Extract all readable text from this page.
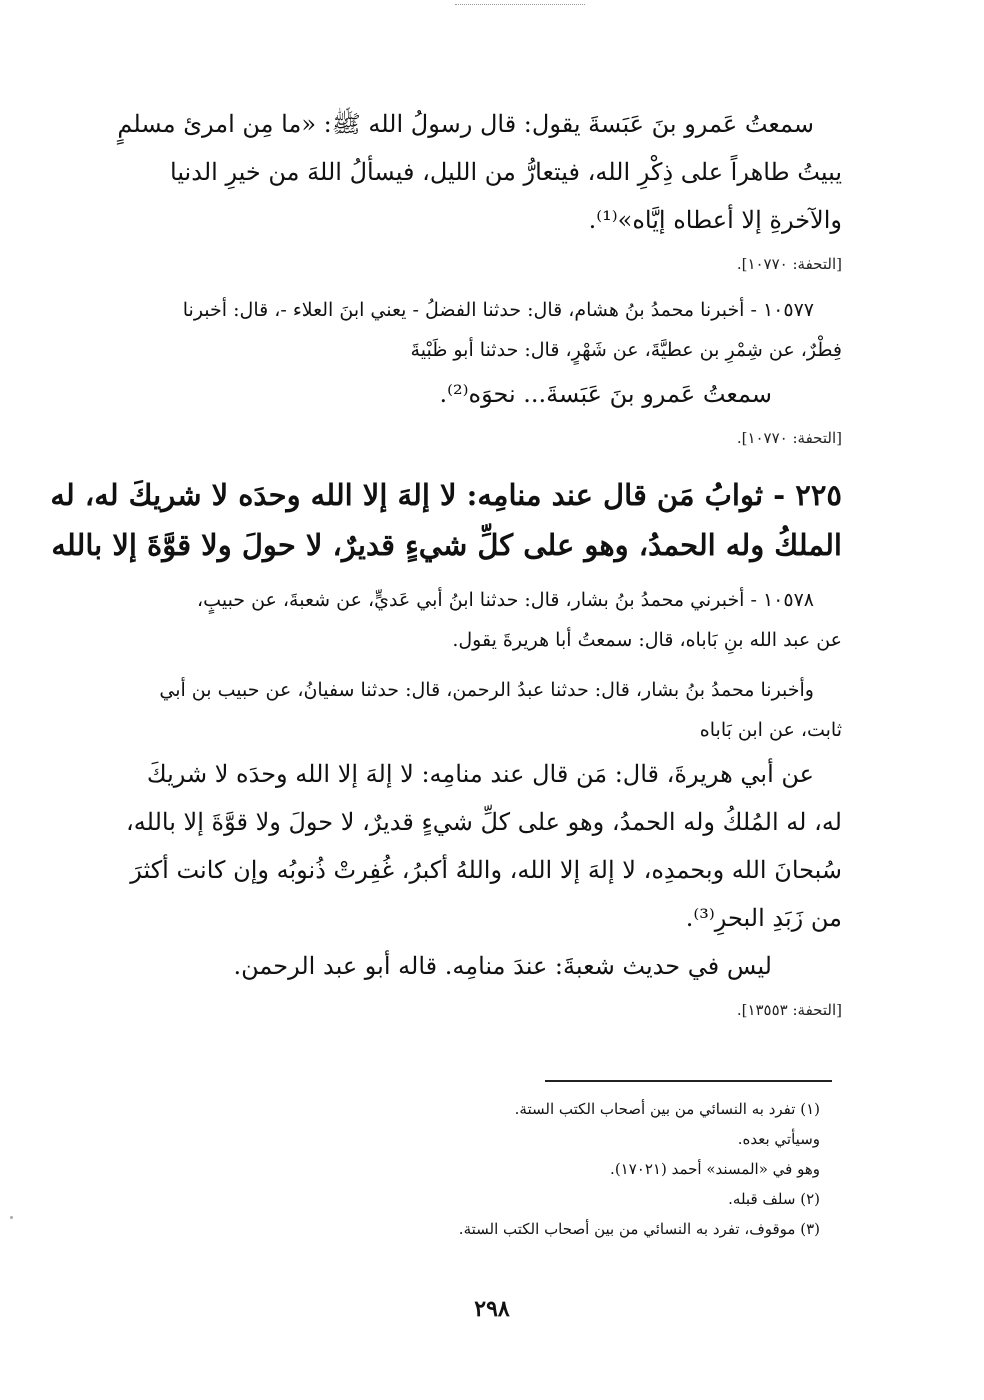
سمعتُ عَمرو بنَ عَبَسةَ يقول: قال رسولُ الله ﷺ: «ما مِن امرئ مسلمٍ
يبيتُ طاهراً على ذِكْرِ الله، فيتعارُّ من الليل، فيسألُ اللهَ من خيرِ الدنيا
والآخرةِ إلا أعطاه إيَّاه»⁽¹⁾.
[التحفة: ١٠٧٧٠].
١٠٥٧٧ - أخبرنا محمدُ بنُ هشام، قال: حدثنا الفضلُ - يعني ابنَ العلاء -، قال: أخبرنا
فِطْرٌ، عن شِمْرِ بن عطيَّةَ، عن شَهْرٍ، قال: حدثنا أبو ظَبْيةَ
سمعتُ عَمرو بنَ عَبَسةَ... نحوَه⁽²⁾.
[التحفة: ١٠٧٧٠].
٢٢٥ - ثوابُ مَن قال عند منامِه: لا إلهَ إلا الله وحدَه لا شريكَ له، له
الملكُ وله الحمدُ، وهو على كلِّ شيءٍ قديرٌ، لا حولَ ولا قوَّةَ إلا بالله
١٠٥٧٨ - أخبرني محمدُ بنُ بشار، قال: حدثنا ابنُ أبي عَديٍّ، عن شعبةَ، عن حبيبٍ،
عن عبد الله بنِ بَاباه، قال: سمعتُ أبا هريرةَ يقول.
وأخبرنا محمدُ بنُ بشار، قال: حدثنا عبدُ الرحمن، قال: حدثنا سفيانُ، عن حبيب بن أبي
ثابت، عن ابن بَاباه
عن أبي هريرةَ، قال: مَن قال عند منامِه: لا إلهَ إلا الله وحدَه لا شريكَ
له، له المُلكُ وله الحمدُ، وهو على كلِّ شيءٍ قديرٌ، لا حولَ ولا قوَّةَ إلا بالله،
سُبحانَ الله وبحمدِه، لا إلهَ إلا الله، واللهُ أكبرُ، غُفِرتْ ذُنوبُه وإن كانت أكثرَ
من زَبَدِ البحرِ⁽³⁾.
ليس في حديث شعبةَ: عندَ منامِه. قاله أبو عبد الرحمن.
[التحفة: ١٣٥٥٣].
(١) تفرد به النسائي من بين أصحاب الكتب الستة.
وسيأتي بعده.
وهو في «المسند» أحمد (١٧٠٢١).
(٢) سلف قبله.
(٣) موقوف، تفرد به النسائي من بين أصحاب الكتب الستة.
٢٩٨
